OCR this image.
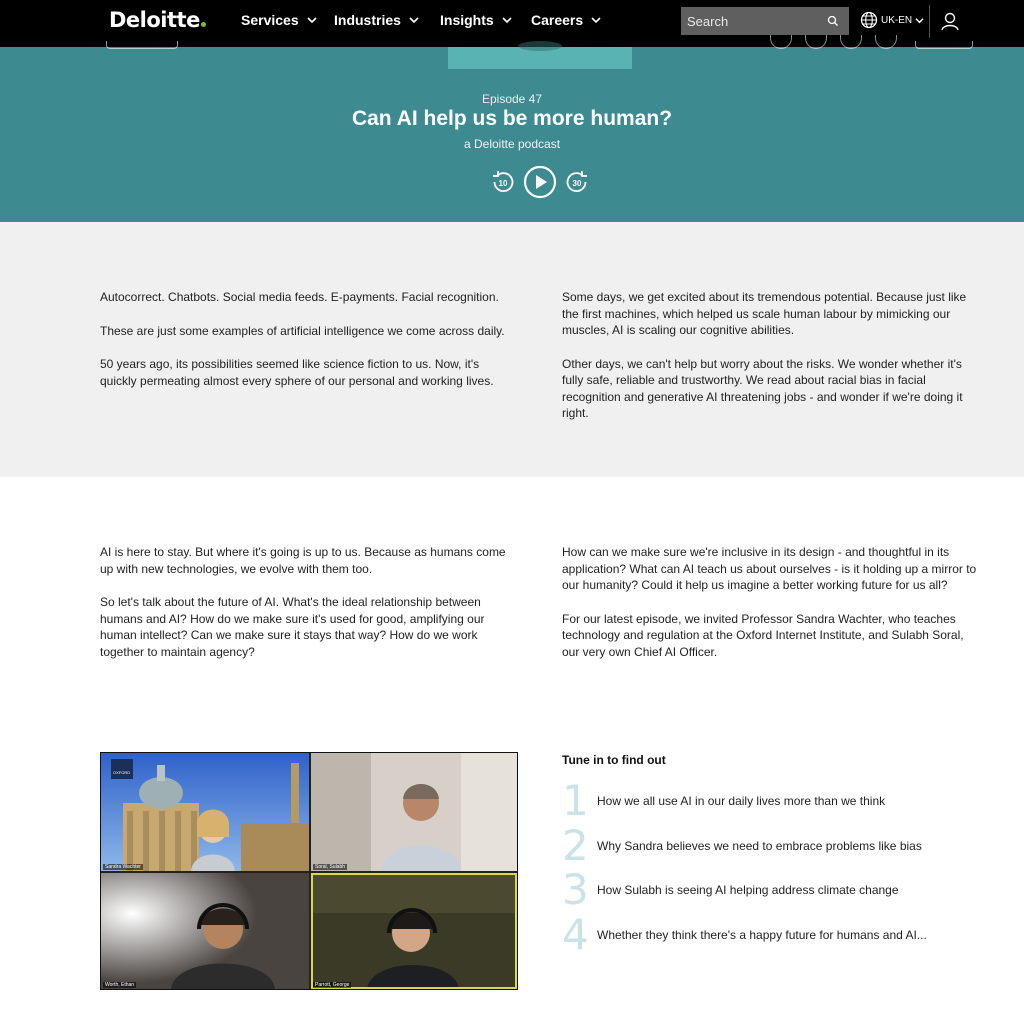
Deloitte	Services	Industries	Insights	Careers
Search	UK-EN
Episode 47
Can AI help us be more human?
a Deloitte podcast
10	30

Autocorrect. Chatbots. Social media feeds. E-payments. Facial recognition.

These are just some examples of artificial intelligence we come across daily.

50 years ago, its possibilities seemed like science fiction to us. Now, it's quickly permeating almost every sphere of our personal and working lives.

Some days, we get excited about its tremendous potential. Because just like the first machines, which helped us scale human labour by mimicking our muscles, AI is scaling our cognitive abilities.

Other days, we can't help but worry about the risks. We wonder whether it's fully safe, reliable and trustworthy. We read about racial bias in facial recognition and generative AI threatening jobs - and wonder if we're doing it right.

AI is here to stay. But where it's going is up to us. Because as humans come up with new technologies, we evolve with them too.

So let's talk about the future of AI. What's the ideal relationship between humans and AI? How do we make sure it's used for good, amplifying our human intellect? Can we make sure it stays that way? How do we work together to maintain agency?

How can we make sure we're inclusive in its design - and thoughtful in its application? What can AI teach us about ourselves - is it holding up a mirror to our humanity? Could it help us imagine a better working future for us all?

For our latest episode, we invited Professor Sandra Wachter, who teaches technology and regulation at the Oxford Internet Institute, and Sulabh Soral, our very own Chief AI Officer.

OXFORD
Sandra Wachter	Soral, Sulabh
Worth, Ethan	Parrott, George
Tune in to find out
1 How we all use AI in our daily lives more than we think
2 Why Sandra believes we need to embrace problems like bias
3 How Sulabh is seeing AI helping address climate change
4 Whether they think there's a happy future for humans and AI...
